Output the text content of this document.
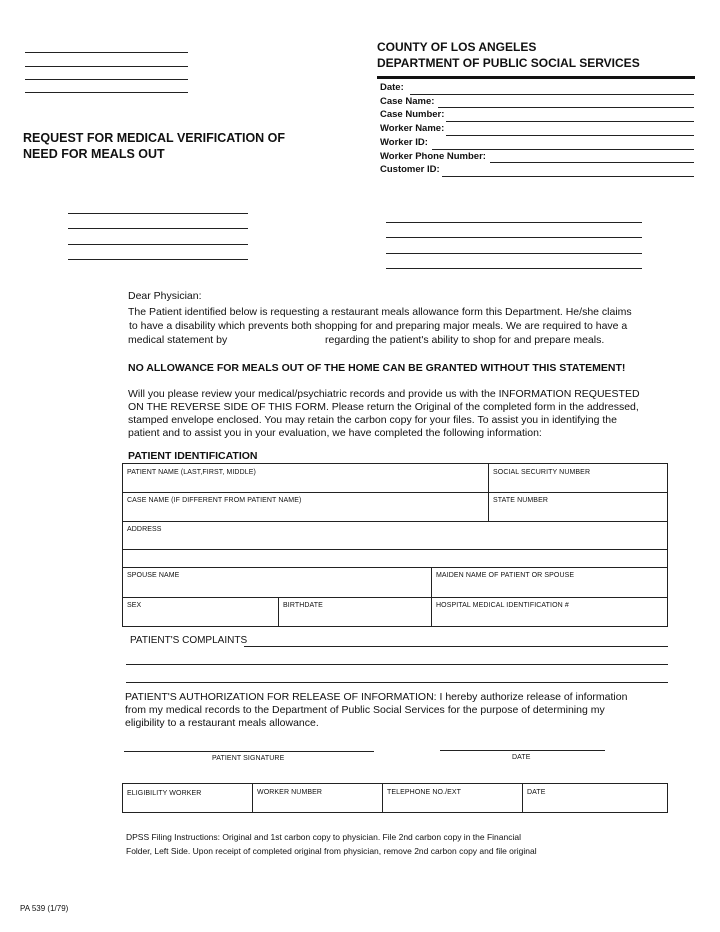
COUNTY OF LOS ANGELES
DEPARTMENT OF PUBLIC SOCIAL SERVICES
Date:
Case Name:
Case Number:
Worker Name:
Worker ID:
Worker Phone Number:
Customer ID:
REQUEST FOR MEDICAL VERIFICATION OF
NEED FOR MEALS OUT
Dear Physician:
The Patient identified below is requesting a restaurant meals allowance form this Department. He/she claims
to have a disability which prevents both shopping for and preparing major meals. We are required to have a
medical statement by	regarding the patient's ability to shop for and prepare meals.
NO ALLOWANCE FOR MEALS OUT OF THE HOME CAN BE GRANTED WITHOUT THIS STATEMENT!
Will you please review your medical/psychiatric records and provide us with the INFORMATION REQUESTED
ON THE REVERSE SIDE OF THIS FORM. Please return the Original of the completed form in the addressed,
stamped envelope enclosed. You may retain the carbon copy for your files. To assist you in identifying the
patient and to assist you in your evaluation, we have completed the following information:
PATIENT IDENTIFICATION
PATIENT NAME (LAST,FIRST, MIDDLE)	SOCIAL SECURITY NUMBER
CASE NAME (IF DIFFERENT FROM PATIENT NAME)	STATE NUMBER
ADDRESS
SPOUSE NAME	MAIDEN NAME OF PATIENT OR SPOUSE
SEX	BIRTHDATE	HOSPITAL MEDICAL IDENTIFICATION #
PATIENT'S COMPLAINTS
PATIENT'S AUTHORIZATION FOR RELEASE OF INFORMATION: I hereby authorize release of information
from my medical records to the Department of Public Social Services for the purpose of determining my
eligibility to a restaurant meals allowance.
PATIENT SIGNATURE	DATE
ELIGIBILITY WORKER	WORKER NUMBER	TELEPHONE NO./EXT	DATE
DPSS Filing Instructions: Original and 1st carbon copy to physician. File 2nd carbon copy in the Financial
Folder, Left Side. Upon receipt of completed original from physician, remove 2nd carbon copy and file original
PA 539 (1/79)
